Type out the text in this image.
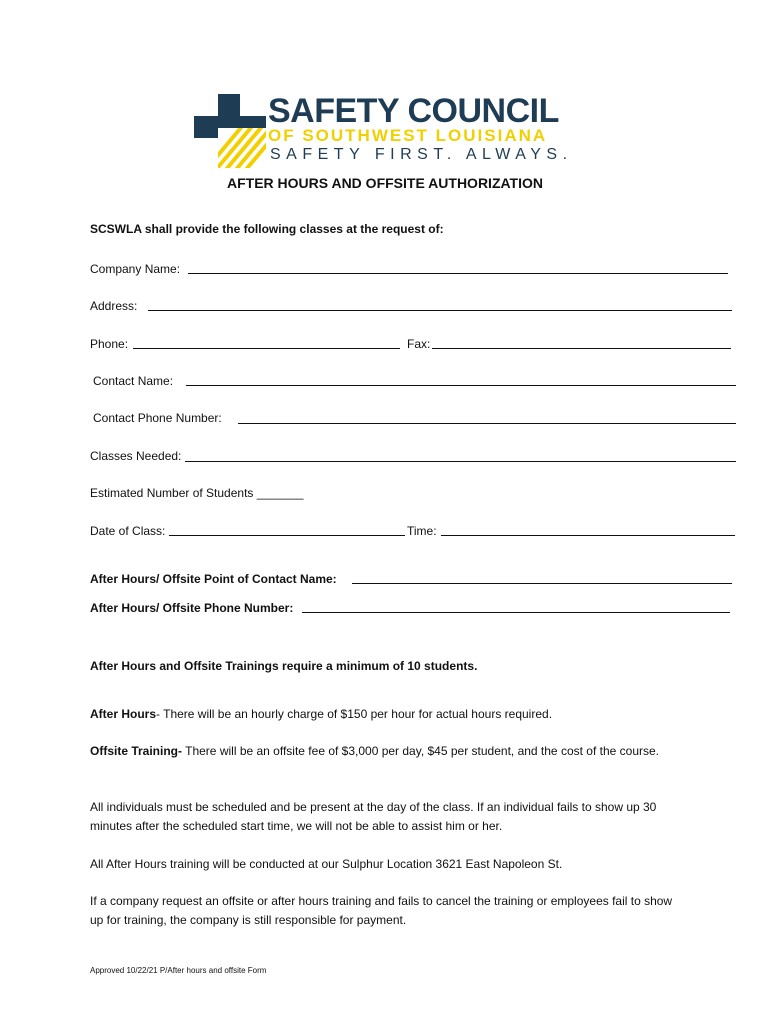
SAFETY COUNCIL
OF SOUTHWEST LOUISIANA
SAFETY FIRST. ALWAYS.
AFTER HOURS AND OFFSITE AUTHORIZATION
SCSWLA shall provide the following classes at the request of:
Company Name:
Address:
Phone:	Fax:
Contact Name:
Contact Phone Number:
Classes Needed:
Estimated Number of Students _______
Date of Class:	Time:
After Hours/ Offsite Point of Contact Name:
After Hours/ Offsite Phone Number:
After Hours and Offsite Trainings require a minimum of 10 students.
After Hours- There will be an hourly charge of $150 per hour for actual hours required.
Offsite Training- There will be an offsite fee of $3,000 per day, $45 per student, and the cost of the course.
All individuals must be scheduled and be present at the day of the class. If an individual fails to show up 30 minutes after the scheduled start time, we will not be able to assist him or her.
All After Hours training will be conducted at our Sulphur Location 3621 East Napoleon St.
If a company request an offsite or after hours training and fails to cancel the training or employees fail to show up for training, the company is still responsible for payment.
Approved 10/22/21 P/After hours and offsite Form
